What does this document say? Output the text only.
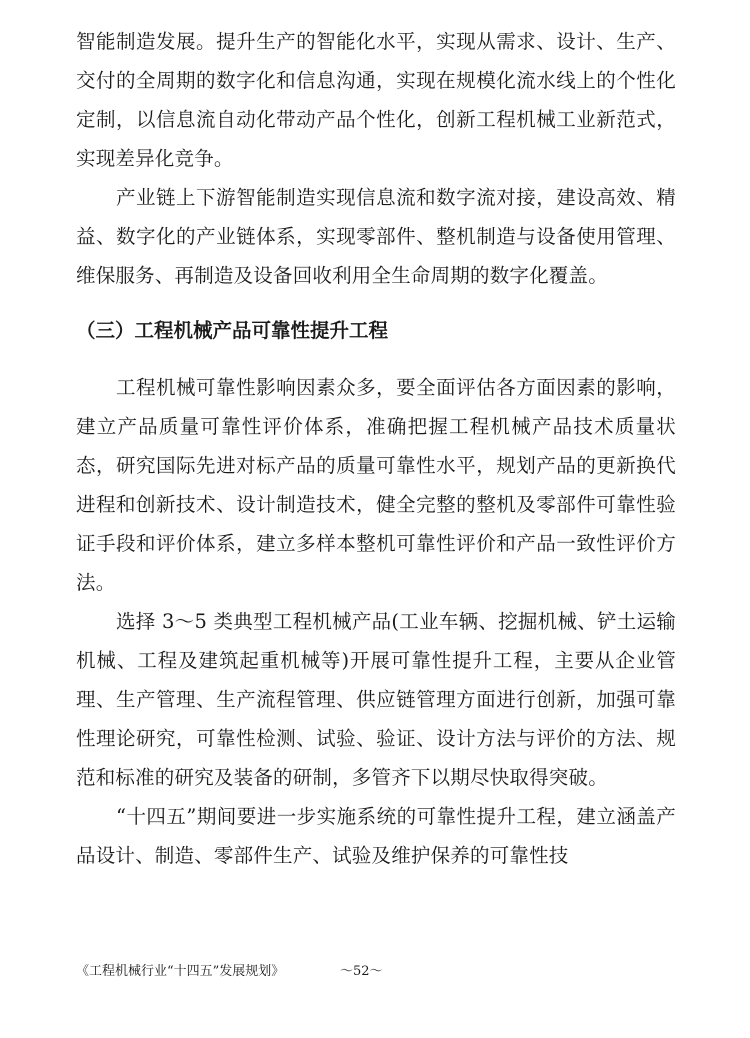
智能制造发展。提升生产的智能化水平，实现从需求、设计、生产、交付的全周期的数字化和信息沟通，实现在规模化流水线上的个性化定制，以信息流自动化带动产品个性化，创新工程机械工业新范式，实现差异化竞争。

产业链上下游智能制造实现信息流和数字流对接，建设高效、精益、数字化的产业链体系，实现零部件、整机制造与设备使用管理、维保服务、再制造及设备回收利用全生命周期的数字化覆盖。

（三）工程机械产品可靠性提升工程

工程机械可靠性影响因素众多，要全面评估各方面因素的影响，建立产品质量可靠性评价体系，准确把握工程机械产品技术质量状态，研究国际先进对标产品的质量可靠性水平，规划产品的更新换代进程和创新技术、设计制造技术，健全完整的整机及零部件可靠性验证手段和评价体系，建立多样本整机可靠性评价和产品一致性评价方法。

选择 3～5 类典型工程机械产品(工业车辆、挖掘机械、铲土运输机械、工程及建筑起重机械等)开展可靠性提升工程，主要从企业管理、生产管理、生产流程管理、供应链管理方面进行创新，加强可靠性理论研究，可靠性检测、试验、验证、设计方法与评价的方法、规范和标准的研究及装备的研制，多管齐下以期尽快取得突破。

“十四五”期间要进一步实施系统的可靠性提升工程，建立涵盖产品设计、制造、零部件生产、试验及维护保养的可靠性技

《工程机械行业“十四五”发展规划》	～52～
